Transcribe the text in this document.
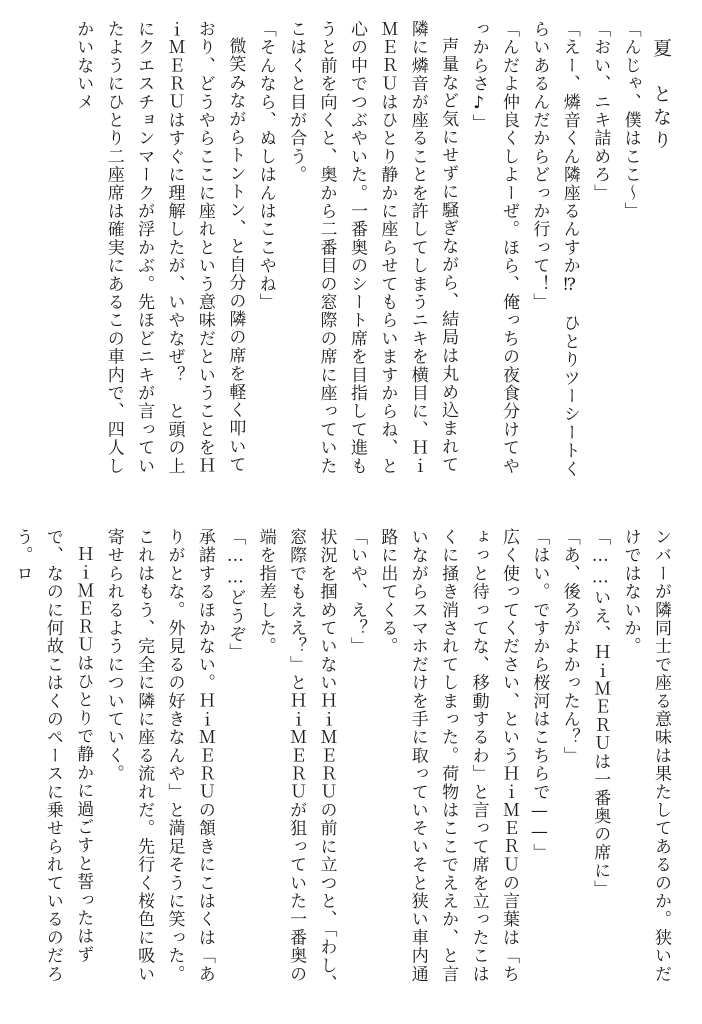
夏　となり

「んじゃ、僕はここ〜」

「おい、ニキ詰めろ」

「えー、燐音くん隣座るんすか⁉　ひとりツーシートくらいあるんだからどっか行って！」

「んだよ仲良くしよーぜ。ほら、俺っちの夜食分けてやっからさ♪」

声量など気にせずに騒ぎながら、結局は丸め込まれて隣に燐音が座ることを許してしまうニキを横目に、ＨｉＭＥＲＵはひとり静かに座らせてもらいますからね、と心の中でつぶやいた。一番奥のシート席を目指して進もうと前を向くと、奥から二番目の窓際の席に座っていたこはくと目が合う。

「そんなら、ぬしはんはここやね」

微笑みながらトントン、と自分の隣の席を軽く叩いており、どうやらここに座れという意味だということをＨｉＭＥＲＵはすぐに理解したが、いやなぜ？　と頭の上にクエスチョンマークが浮かぶ。先ほどニキが言っていたようにひとり二座席は確実にあるこの車内で、四人しかいないメ

ンバーが隣同士で座る意味は果たしてあるのか。狭いだけではないか。

「……いえ、ＨｉＭＥＲＵは一番奥の席に」

「あ、後ろがよかったん？」

「はい。ですから桜河はこちらで——」

広く使ってください、というＨｉＭＥＲＵの言葉は「ちょっと待ってな、移動するわ」と言って席を立ったこはくに掻き消されてしまった。荷物はここでええか、と言いながらスマホだけを手に取っていそいそと狭い車内通路に出てくる。

「いや、え？」

状況を掴めていないＨｉＭＥＲＵの前に立つと、「わし、窓際でもええ？」とＨｉＭＥＲＵが狙っていた一番奥の端を指差した。

「……どうぞ」

承諾するほかない。ＨｉＭＥＲＵの頷きにこはくは「ありがとな。外見るの好きなんや」と満足そうに笑った。これはもう、完全に隣に座る流れだ。先行く桜色に吸い寄せられるようについていく。

ＨｉＭＥＲＵはひとりで静かに過ごすと誓ったはずで、なのに何故こはくのペースに乗せられているのだろう。ロ
